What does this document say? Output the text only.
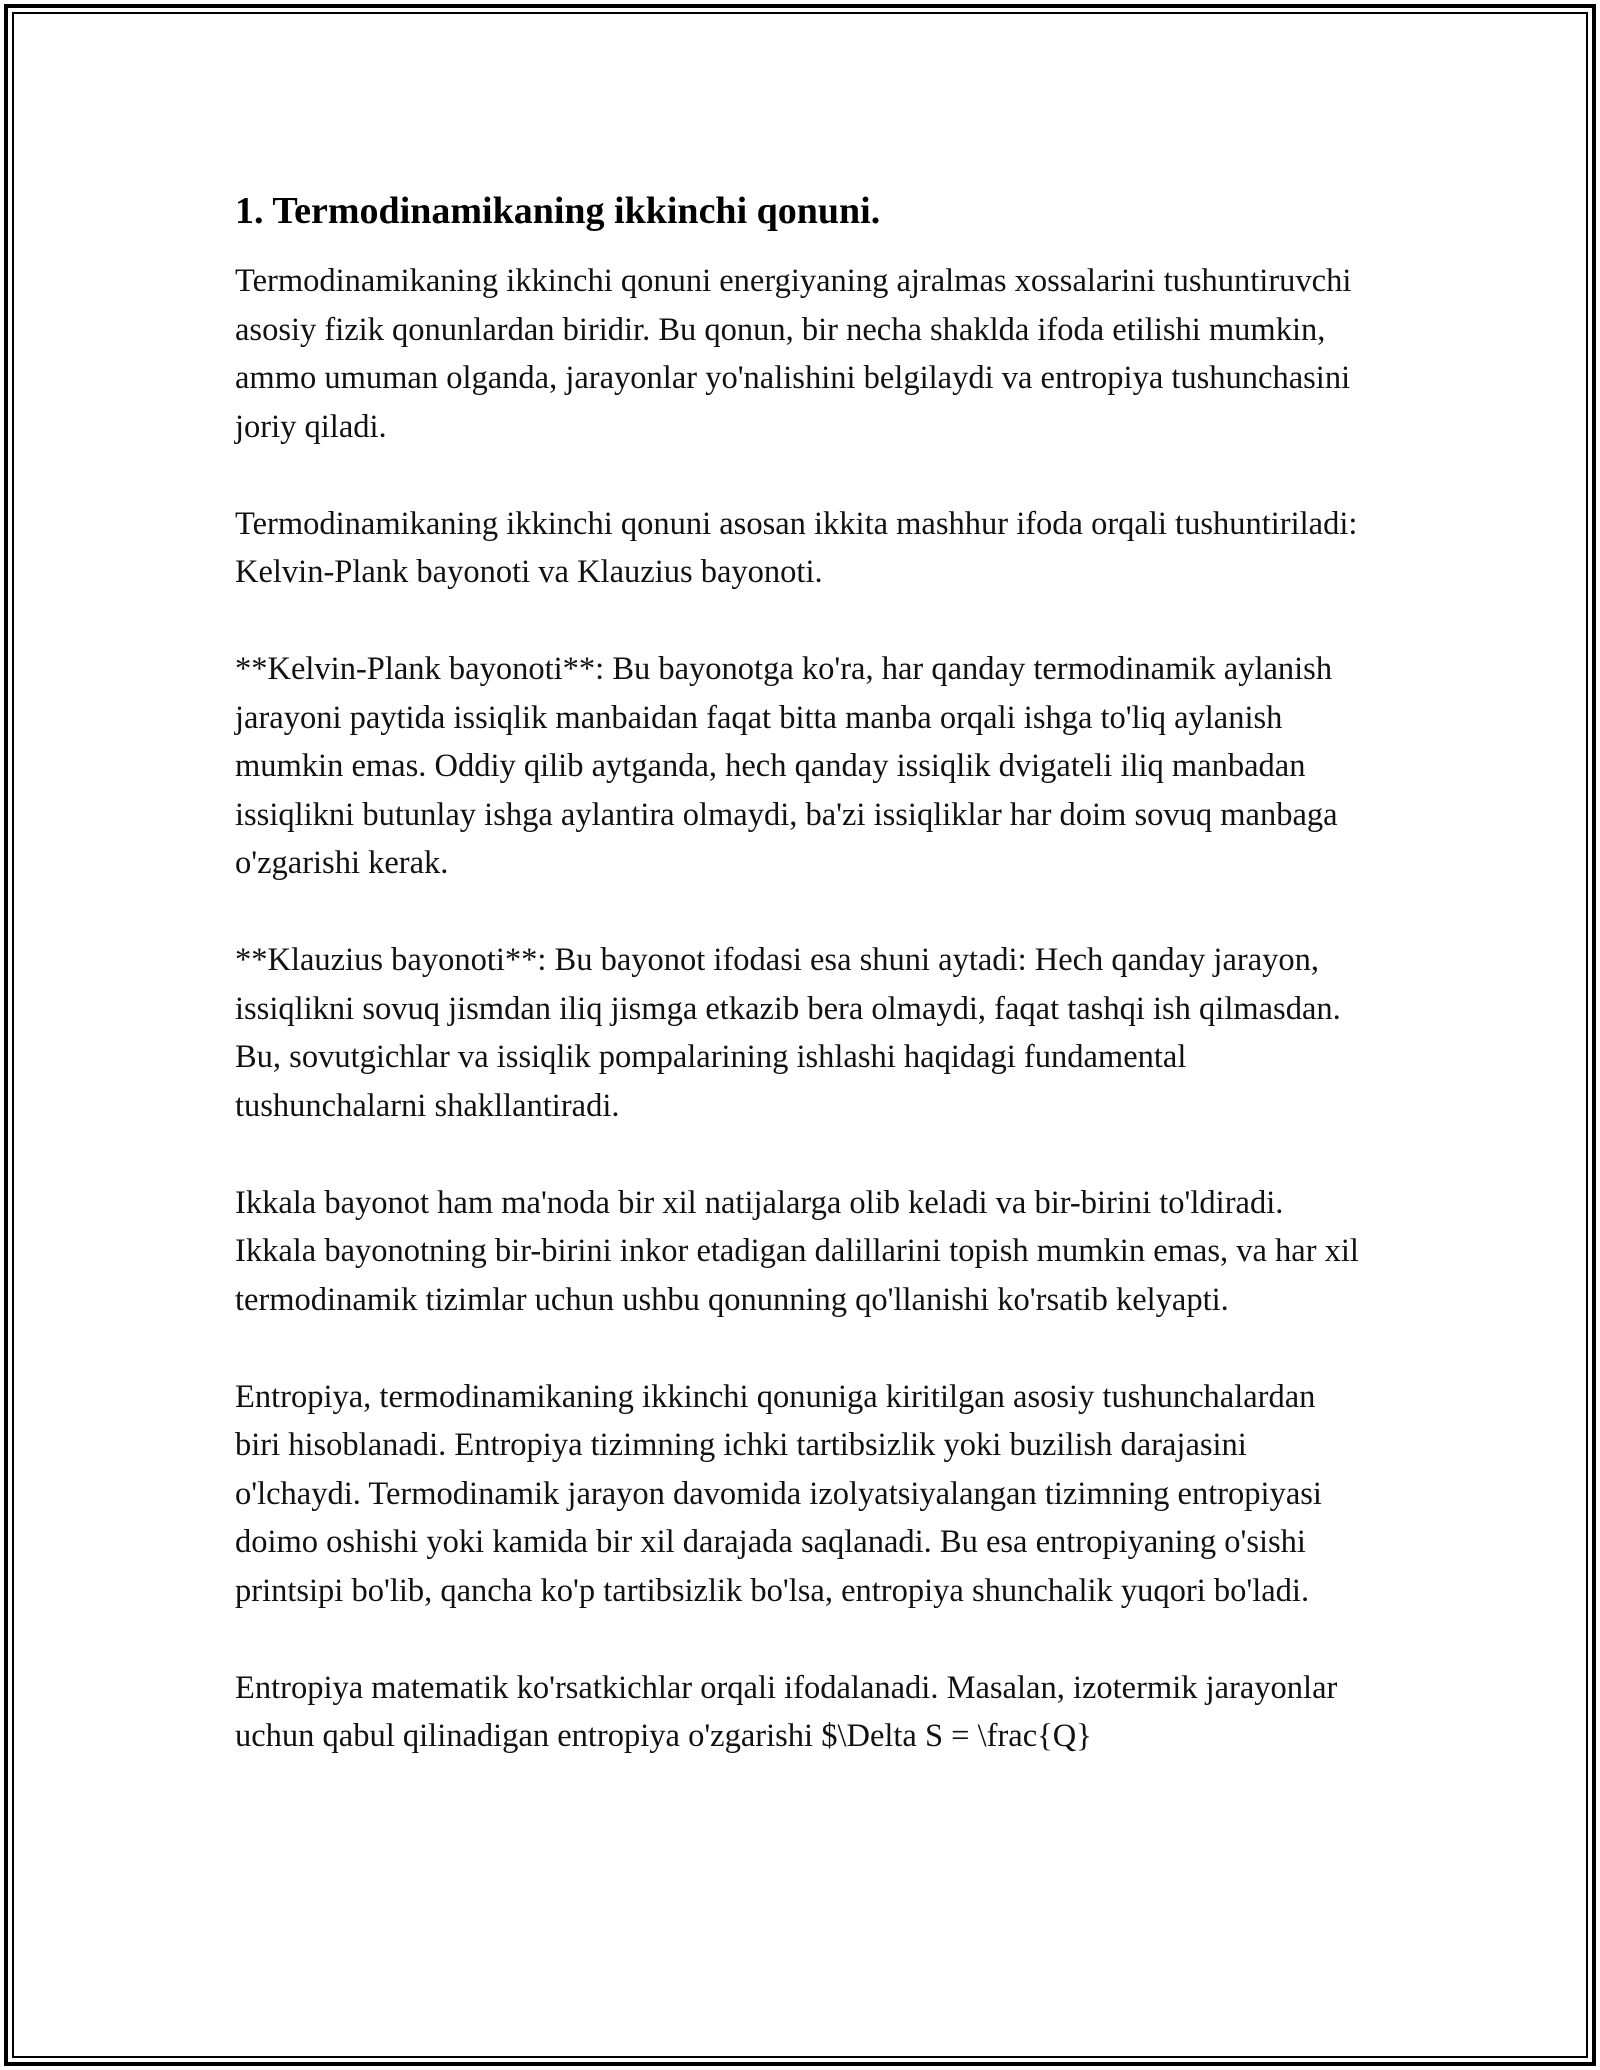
1. Termodinamikaning ikkinchi qonuni.

Termodinamikaning ikkinchi qonuni energiyaning ajralmas xossalarini tushuntiruvchi asosiy fizik qonunlardan biridir. Bu qonun, bir necha shaklda ifoda etilishi mumkin, ammo umuman olganda, jarayonlar yo'nalishini belgilaydi va entropiya tushunchasini joriy qiladi.

Termodinamikaning ikkinchi qonuni asosan ikkita mashhur ifoda orqali tushuntiriladi: Kelvin-Plank bayonoti va Klauzius bayonoti.

**Kelvin-Plank bayonoti**: Bu bayonotga ko'ra, har qanday termodinamik aylanish jarayoni paytida issiqlik manbaidan faqat bitta manba orqali ishga to'liq aylanish mumkin emas. Oddiy qilib aytganda, hech qanday issiqlik dvigateli iliq manbadan issiqlikni butunlay ishga aylantira olmaydi, ba'zi issiqliklar har doim sovuq manbaga o'zgarishi kerak.

**Klauzius bayonoti**: Bu bayonot ifodasi esa shuni aytadi: Hech qanday jarayon, issiqlikni sovuq jismdan iliq jismga etkazib bera olmaydi, faqat tashqi ish qilmasdan. Bu, sovutgichlar va issiqlik pompalarining ishlashi haqidagi fundamental tushunchalarni shakllantiradi.

Ikkala bayonot ham ma'noda bir xil natijalarga olib keladi va bir-birini to'ldiradi. Ikkala bayonotning bir-birini inkor etadigan dalillarini topish mumkin emas, va har xil termodinamik tizimlar uchun ushbu qonunning qo'llanishi ko'rsatib kelyapti.

Entropiya, termodinamikaning ikkinchi qonuniga kiritilgan asosiy tushunchalardan biri hisoblanadi. Entropiya tizimning ichki tartibsizlik yoki buzilish darajasini o'lchaydi. Termodinamik jarayon davomida izolyatsiyalangan tizimning entropiyasi doimo oshishi yoki kamida bir xil darajada saqlanadi. Bu esa entropiyaning o'sishi printsipi bo'lib, qancha ko'p tartibsizlik bo'lsa, entropiya shunchalik yuqori bo'ladi.

Entropiya matematik ko'rsatkichlar orqali ifodalanadi. Masalan, izotermik jarayonlar uchun qabul qilinadigan entropiya o'zgarishi $\Delta S = \frac{Q}
